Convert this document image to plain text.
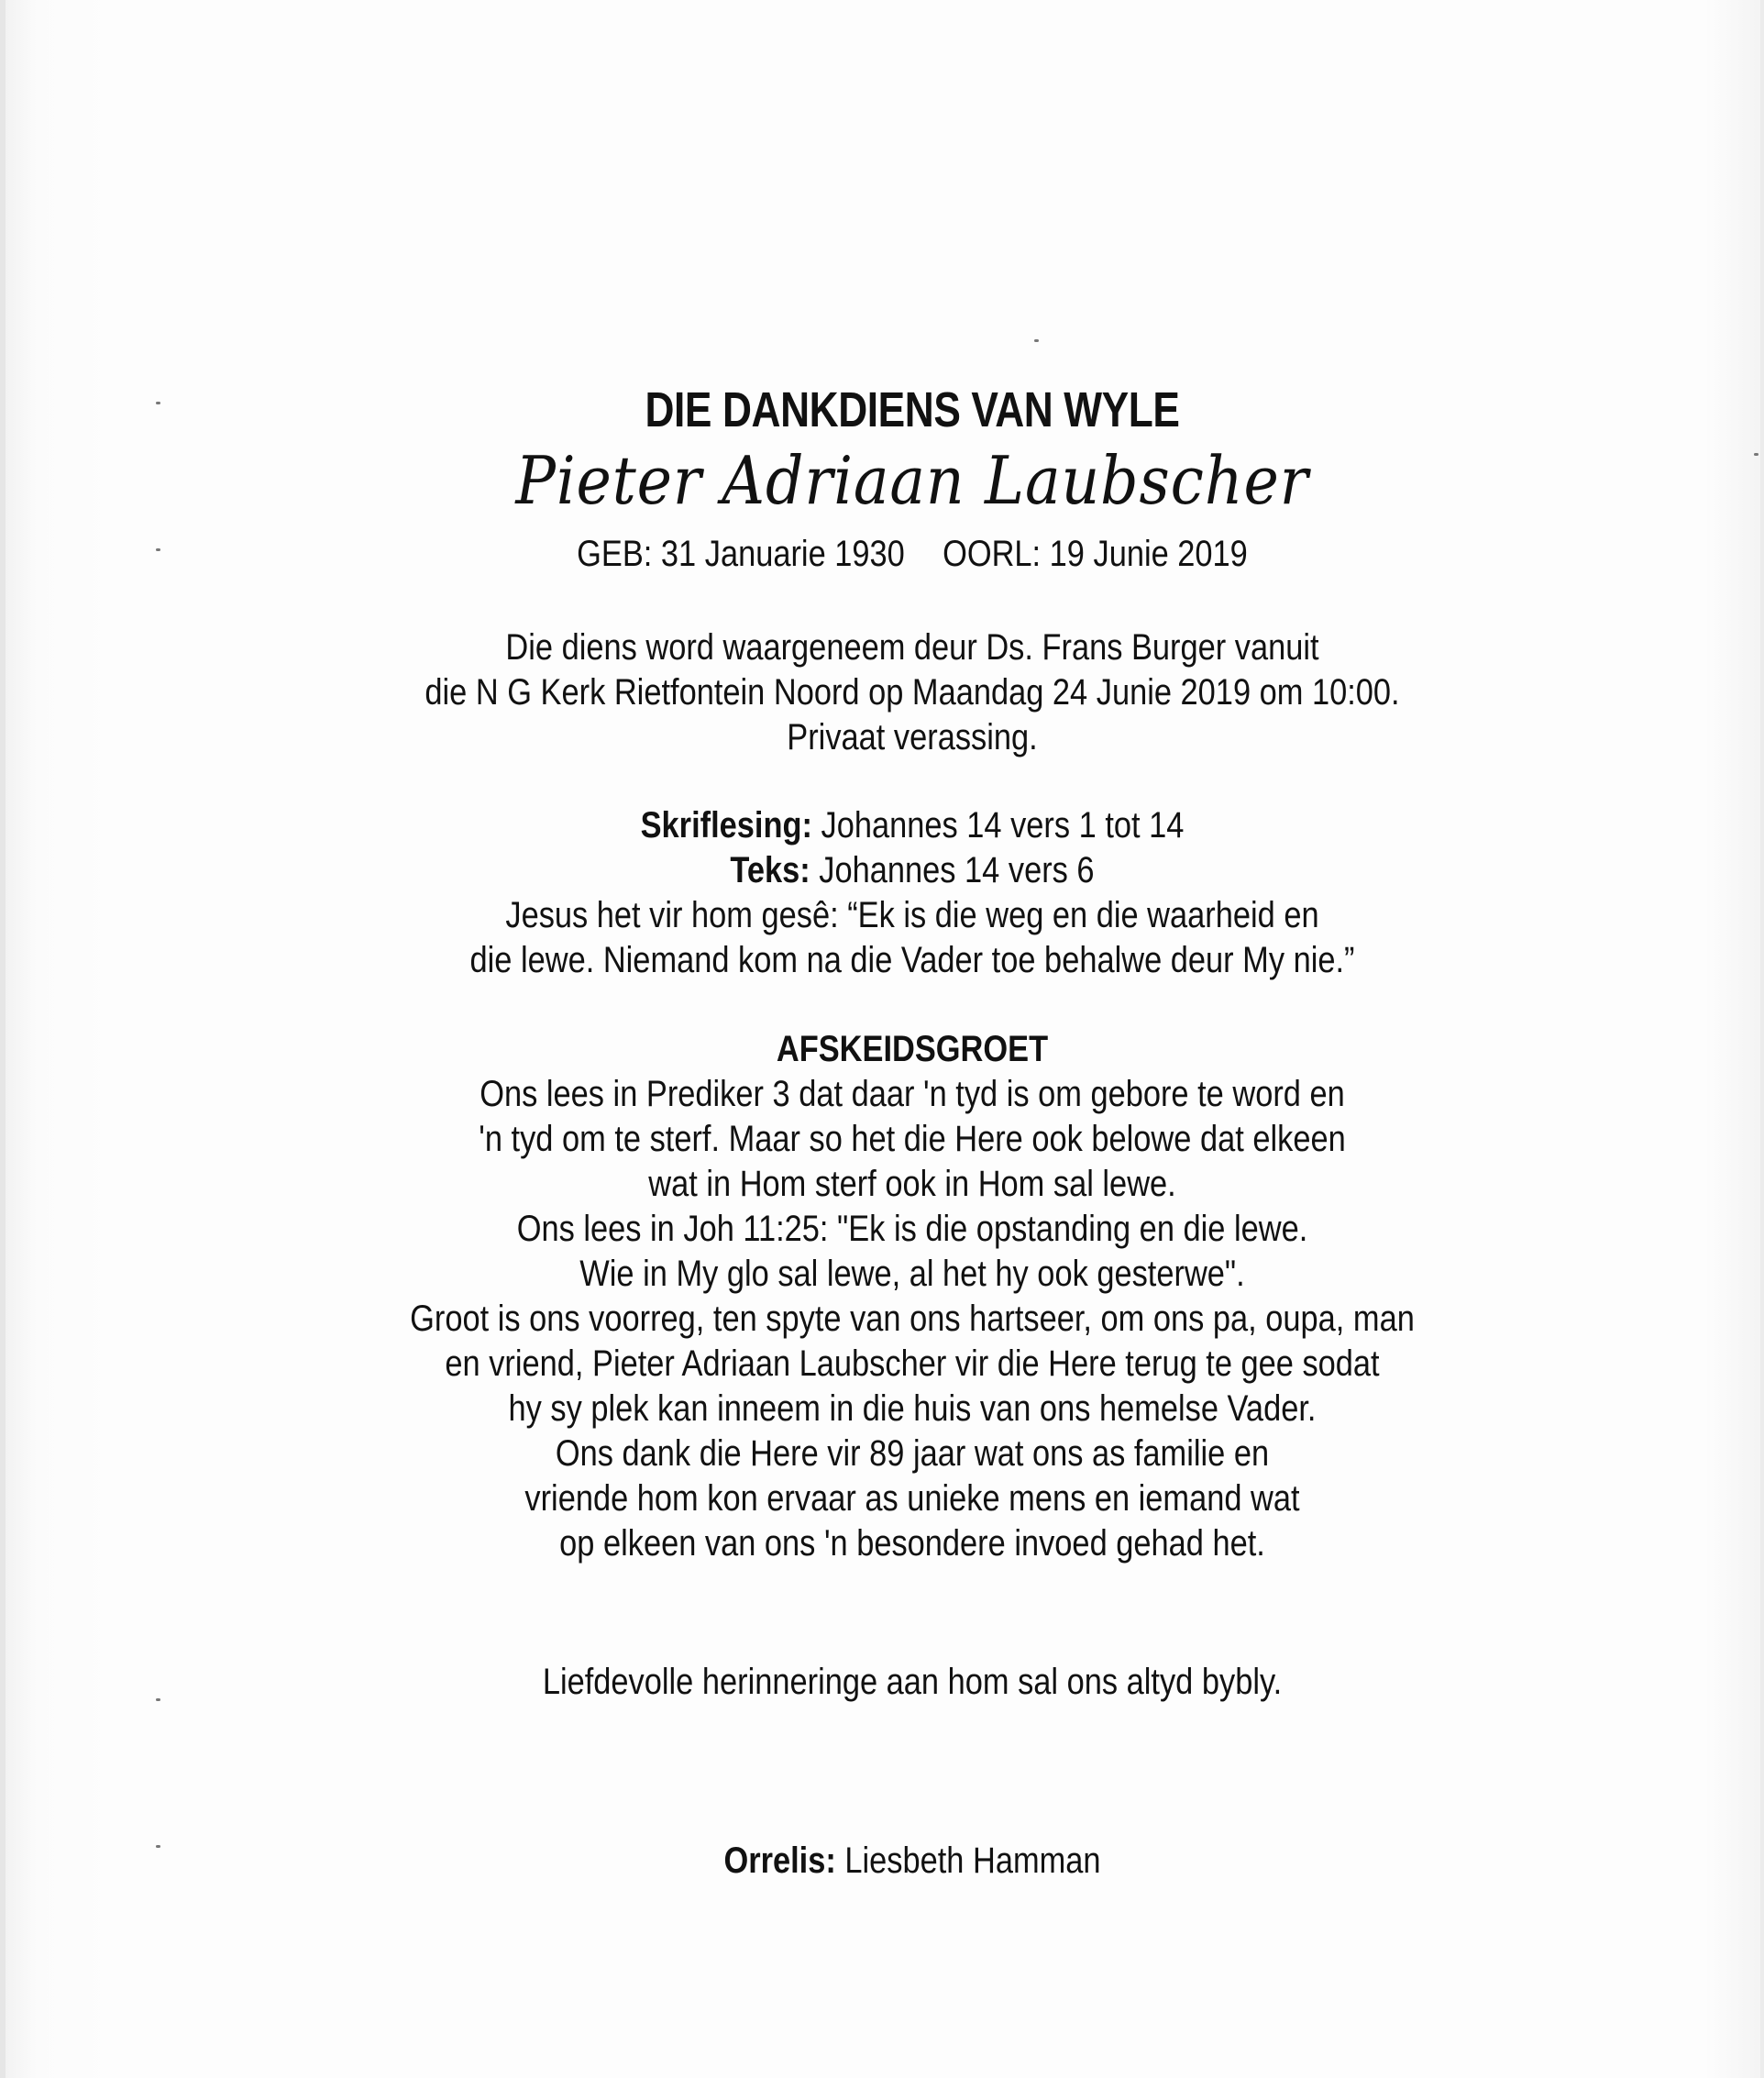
DIE DANKDIENS VAN WYLE
Pieter Adriaan Laubscher
GEB: 31 Januarie 1930 OORL: 19 Junie 2019
Die diens word waargeneem deur Ds. Frans Burger vanuit
die N G Kerk Rietfontein Noord op Maandag 24 Junie 2019 om 10:00.
Privaat verassing.
Skriflesing: Johannes 14 vers 1 tot 14
Teks: Johannes 14 vers 6
Jesus het vir hom gesê: “Ek is die weg en die waarheid en
die lewe. Niemand kom na die Vader toe behalwe deur My nie.”
AFSKEIDSGROET
Ons lees in Prediker 3 dat daar 'n tyd is om gebore te word en
'n tyd om te sterf. Maar so het die Here ook belowe dat elkeen
wat in Hom sterf ook in Hom sal lewe.
Ons lees in Joh 11:25: "Ek is die opstanding en die lewe.
Wie in My glo sal lewe, al het hy ook gesterwe".
Groot is ons voorreg, ten spyte van ons hartseer, om ons pa, oupa, man
en vriend, Pieter Adriaan Laubscher vir die Here terug te gee sodat
hy sy plek kan inneem in die huis van ons hemelse Vader.
Ons dank die Here vir 89 jaar wat ons as familie en
vriende hom kon ervaar as unieke mens en iemand wat
op elkeen van ons 'n besondere invoed gehad het.
Liefdevolle herinneringe aan hom sal ons altyd bybly.
Orrelis: Liesbeth Hamman
